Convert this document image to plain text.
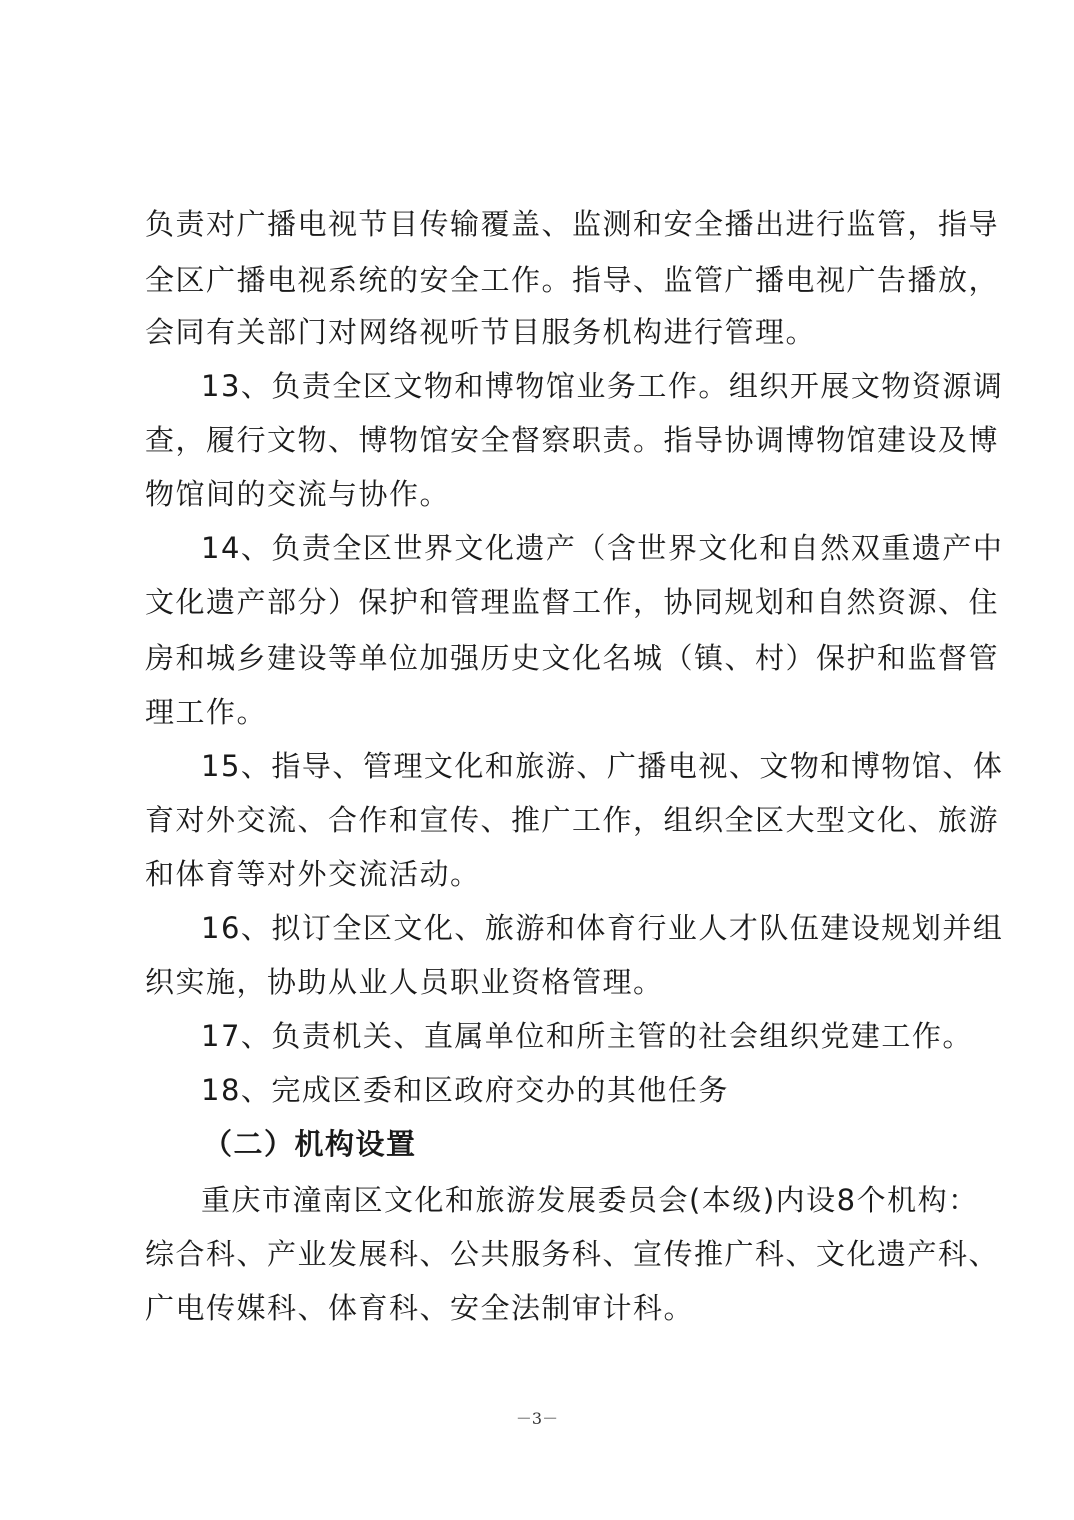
负责对广播电视节目传输覆盖、监测和安全播出进行监管，指导
全区广播电视系统的安全工作。指导、监管广播电视广告播放，
会同有关部门对网络视听节目服务机构进行管理。
13、负责全区文物和博物馆业务工作。组织开展文物资源调
查，履行文物、博物馆安全督察职责。指导协调博物馆建设及博
物馆间的交流与协作。
14、负责全区世界文化遗产（含世界文化和自然双重遗产中
文化遗产部分）保护和管理监督工作，协同规划和自然资源、住
房和城乡建设等单位加强历史文化名城（镇、村）保护和监督管
理工作。
15、指导、管理文化和旅游、广播电视、文物和博物馆、体
育对外交流、合作和宣传、推广工作，组织全区大型文化、旅游
和体育等对外交流活动。
16、拟订全区文化、旅游和体育行业人才队伍建设规划并组
织实施，协助从业人员职业资格管理。
17、负责机关、直属单位和所主管的社会组织党建工作。
18、完成区委和区政府交办的其他任务
（二）机构设置
重庆市潼南区文化和旅游发展委员会(本级)内设8个机构：
综合科、产业发展科、公共服务科、宣传推广科、文化遗产科、
广电传媒科、体育科、安全法制审计科。
－3－
